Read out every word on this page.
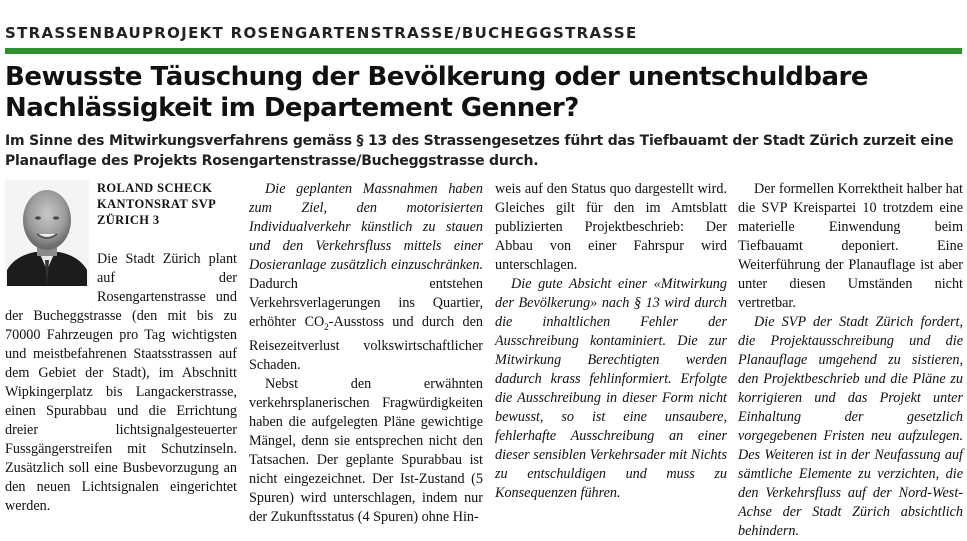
STRASSENBAUPROJEKT ROSENGARTENSTRASSE/BUCHEGGSTRASSE
Bewusste Täuschung der Bevölkerung oder unentschuldbare Nachlässigkeit im Departement Genner?
Im Sinne des Mitwirkungsverfahrens gemäss § 13 des Strassengesetzes führt das Tiefbauamt der Stadt Zürich zurzeit eine Planauflage des Projekts Rosengartenstrasse/Bucheggstrasse durch.
ROLAND SCHECK
KANTONSRAT SVP
ZÜRICH 3

Die Stadt Zürich plant auf der Rosengartenstrasse und der Bucheggstrasse (den mit bis zu 70000 Fahrzeugen pro Tag wichtigsten und meistbefahrenen Staatsstrassen auf dem Gebiet der Stadt), im Abschnitt Wipkingerplatz bis Langackerstrasse, einen Spurabbau und die Errichtung dreier lichtsignalgesteuerter Fussgängerstreifen mit Schutzinseln. Zusätzlich soll eine Busbevorzugung an den neuen Lichtsignalen eingerichtet werden.

Die geplanten Massnahmen haben zum Ziel, den motorisierten Individualverkehr künstlich zu stauen und den Verkehrsfluss mittels einer Dosieranlage zusätzlich einzuschränken. Dadurch entstehen Verkehrsverlagerungen ins Quartier, erhöhter $CO_2$-Ausstoss und durch den Reisezeitverlust volkswirtschaftlicher Schaden.

Nebst den erwähnten verkehrsplanerischen Fragwürdigkeiten haben die aufgelegten Pläne gewichtige Mängel, denn sie entsprechen nicht den Tatsachen. Der geplante Spurabbau ist nicht eingezeichnet. Der Ist-Zustand (5 Spuren) wird unterschlagen, indem nur der Zukunftsstatus (4 Spuren) ohne Hin-

weis auf den Status quo dargestellt wird. Gleiches gilt für den im Amtsblatt publizierten Projektbeschrieb: Der Abbau von einer Fahrspur wird unterschlagen.

Die gute Absicht einer «Mitwirkung der Bevölkerung» nach § 13 wird durch die inhaltlichen Fehler der Ausschreibung kontaminiert. Die zur Mitwirkung Berechtigten werden dadurch krass fehlinformiert. Erfolgte die Ausschreibung in dieser Form nicht bewusst, so ist eine unsaubere, fehlerhafte Ausschreibung an einer dieser sensiblen Verkehrsader mit Nichts zu entschuldigen und muss zu Konsequenzen führen.

Der formellen Korrektheit halber hat die SVP Kreispartei 10 trotzdem eine materielle Einwendung beim Tiefbauamt deponiert. Eine Weiterführung der Planauflage ist aber unter diesen Umständen nicht vertretbar.

Die SVP der Stadt Zürich fordert, die Projektausschreibung und die Planauflage umgehend zu sistieren, den Projektbeschrieb und die Pläne zu korrigieren und das Projekt unter Einhaltung der gesetzlich vorgegebenen Fristen neu aufzulegen. Des Weiteren ist in der Neufassung auf sämtliche Elemente zu verzichten, die den Verkehrsfluss auf der Nord-West-Achse der Stadt Zürich absichtlich behindern.
